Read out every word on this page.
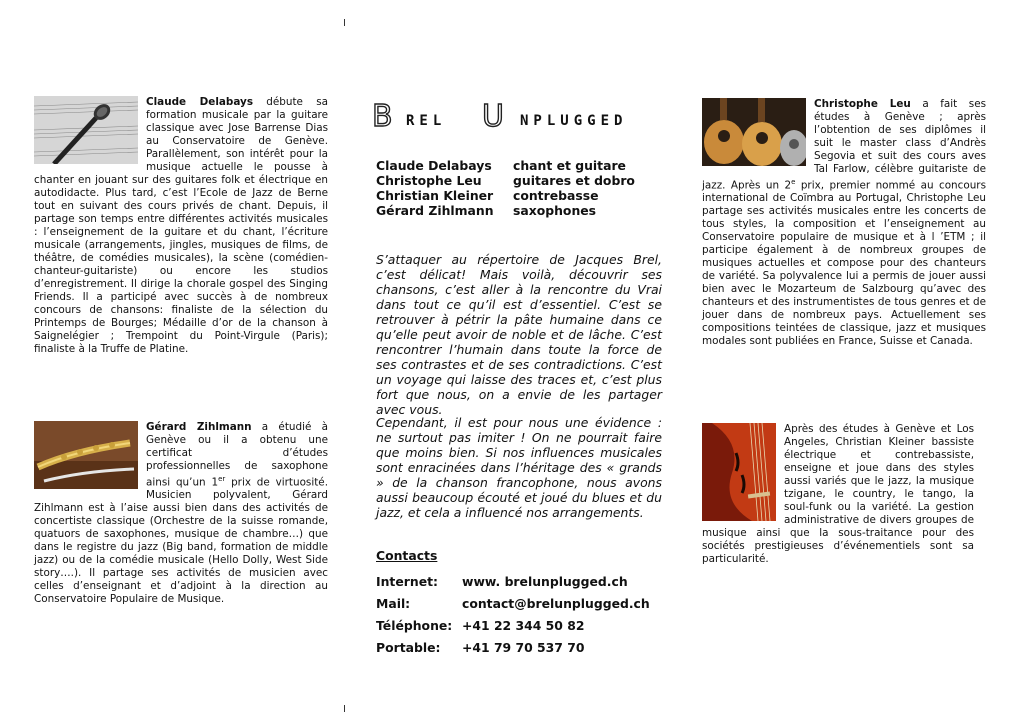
Claude Delabays débute sa formation musicale par la guitare classique avec Jose Barrense Dias au Conservatoire de Genève. Parallèlement, son intérêt pour la musique actuelle le pousse à chanter en jouant sur des guitares folk et électrique en autodidacte. Plus tard, c’est l’Ecole de Jazz de Berne tout en suivant des cours privés de chant. Depuis, il partage son temps entre différentes activités musicales : l’enseignement de la guitare et du chant, l’écriture musicale (arrangements, jingles, musiques de films, de théâtre, de comédies musicales), la scène (comédien-chanteur-guitariste) ou encore les studios d’enregistrement. Il dirige la chorale gospel des Singing Friends. Il a participé avec succès à de nombreux concours de chansons: finaliste de la sélection du Printemps de Bourges; Médaille d’or de la chanson à Saignelégier ; Trempoint du Point-Virgule (Paris); finaliste à la Truffe de Platine.

Gérard Zihlmann a étudié à Genève ou il a obtenu une certificat d’études professionnelles de saxophone ainsi qu’un 1er prix de virtuosité. Musicien polyvalent, Gérard Zihlmann est à l’aise aussi bien dans des activités de concertiste classique (Orchestre de la suisse romande, quatuors de saxophones, musique de chambre…) que dans le registre du jazz (Big band, formation de middle jazz) ou de la comédie musicale (Hello Dolly, West Side story….). Il partage ses activités de musicien avec celles d’enseignant et d’adjoint à la direction au Conservatoire Populaire de Musique.

B REL U NPLUGGED
Claude Delabays	chant et guitare
Christophe Leu	guitares et dobro
Christian Kleiner	contrebasse
Gérard Zihlmann	saxophones

S’attaquer au répertoire de Jacques Brel, c’est délicat! Mais voilà, découvrir ses chansons, c’est aller à la rencontre du Vrai dans tout ce qu’il est d’essentiel. C’est se retrouver à pétrir la pâte humaine dans ce qu’elle peut avoir de noble et de lâche. C’est rencontrer l’humain dans toute la force de ses contrastes et de ses contradictions. C’est un voyage qui laisse des traces et, c’est plus fort que nous, on a envie de les partager avec vous.

Cependant, il est pour nous une évidence : ne surtout pas imiter ! On ne pourrait faire que moins bien. Si nos influences musicales sont enracinées dans l’héritage des « grands » de la chanson francophone, nous avons aussi beaucoup écouté et joué du blues et du jazz, et cela a influencé nos arrangements.

Contacts
Internet:	www. brelunplugged.ch
Mail:	contact@brelunplugged.ch
Téléphone: +41 22 344 50 82
Portable:	+41 79 70 537 70

Christophe Leu a fait ses études à Genève ; après l’obtention de ses diplômes il suit le master class d’Andrès Segovia et suit des cours aves Tal Farlow, célèbre guitariste de jazz. Après un 2e prix, premier nommé au concours international de Coïmbra au Portugal, Christophe Leu partage ses activités musicales entre les concerts de tous styles, la composition et l’enseignement au Conservatoire populaire de musique et à l ’ETM ; il participe également à de nombreux groupes de musiques actuelles et compose pour des chanteurs de variété. Sa polyvalence lui a permis de jouer aussi bien avec le Mozarteum de Salzbourg qu’avec des chanteurs et des instrumentistes de tous genres et de jouer dans de nombreux pays. Actuellement ses compositions teintées de classique, jazz et musiques modales sont publiées en France, Suisse et Canada.

Après des études à Genève et Los Angeles, Christian Kleiner bassiste électrique et contrebassiste, enseigne et joue dans des styles aussi variés que le jazz, la musique tzigane, le country, le tango, la soul-funk ou la variété. La gestion administrative de divers groupes de musique ainsi que la sous-traitance pour des sociétés prestigieuses d’événementiels sont sa particularité.
